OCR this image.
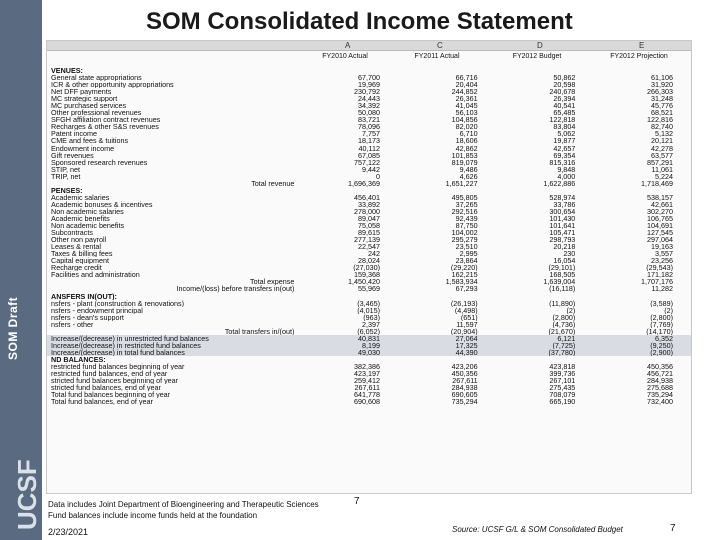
SOM Draft
UCSF
SOM Consolidated Income Statement
A	C	D	E
FY2010 Actual	FY2011 Actual	FY2012 Budget	FY2012 Projection
VENUES:				
General state appropriations	67,700	66,716	50,862	61,106
ICR & other opportunity appropriations	19,969	20,404	20,598	31,920
Net DFF payments	230,792	244,852	240,678	266,303
MC strategic support	24,443	26,361	26,394	31,248
MC purchased services	34,392	41,045	40,541	45,776
Other professional revenues	50,080	56,103	65,485	68,521
SFGH affiliation contract revenues	83,721	104,856	122,818	122,816
Recharges & other S&S revenues	78,096	82,020	83,804	82,740
Patent income	7,757	6,710	5,062	5,132
CME and fees & tuitions	18,173	18,606	19,877	20,121
Endowment income	40,112	42,862	42,657	42,278
Gift revenues	67,085	101,853	69,354	63,577
Sponsored research revenues	757,122	819,079	815,316	857,291
STIP, net	9,442	9,486	9,848	11,061
TRIP, net	0	4,626	4,000	5,224
Total revenue	1,696,369	1,651,227	1,622,886	1,718,469
PENSES:				
Academic salaries	456,401	495,805	528,974	538,157
Academic bonuses & incentives	33,892	37,265	33,786	42,661
Non academic salaries	278,000	292,516	300,654	302,270
Academic benefits	89,047	92,439	101,430	106,765
Non academic benefits	75,058	87,750	101,641	104,691
Subcontracts	89,615	104,002	105,471	127,545
Other non payroll	277,139	295,279	298,793	297,064
Leases & rental	22,547	23,510	20,218	19,163
Taxes & billing fees	242	2,995	230	3,557
Capital equipment	28,024	23,864	16,054	23,256
Recharge credit	(27,030)	(29,220)	(29,101)	(29,543)
Facilities and administration	159,368	162,215	168,505	171,182
Total expense	1,450,420	1,583,934	1,639,004	1,707,176
Income/(loss) before transfers in(out)	55,969	67,293	(16,118)	11,282
ANSFERS IN(OUT):				
nsfers - plant (construction & renovations)	(3,465)	(26,193)	(11,890)	(3,589)
nsfers - endowment principal	(4,015)	(4,498)	(2)	(2)
nsfers - dean's support	(963)	(651)	(2,800)	(2,800)
nsfers - other	2,397	11,597	(4,736)	(7,769)
Total transfers in/(out)	(6,052)	(20,904)	(21,670)	(14,170)
Increase/(decrease) in unrestricted fund balances	40,831	27,064	6,121	6,352
Increase/(decrease) in restricted fund balances	8,199	17,325	(7,725)	(9,250)
Increase/(decrease) in total fund balances	49,030	44,390	(37,780)	(2,900)
ND BALANCES:				
restricted fund balances beginning of year	382,386	423,206	423,818	450,356
restricted fund balances, end of year	423,197	450,356	399,736	456,721
stricted fund balances beginning of year	259,412	267,611	267,101	284,938
stricted fund balances, end of year	267,611	284,938	275,435	275,688
Total fund balances beginning of year	641,778	690,605	708,079	735,294
Total fund balances, end of year	690,608	735,294	665,190	732,400
7
Data includes Joint Department of Bioengineering and Therapeutic Sciences
Fund balances include income funds held at the foundation
2/23/2021	Source: UCSF G/L & SOM Consolidated Budget	7
